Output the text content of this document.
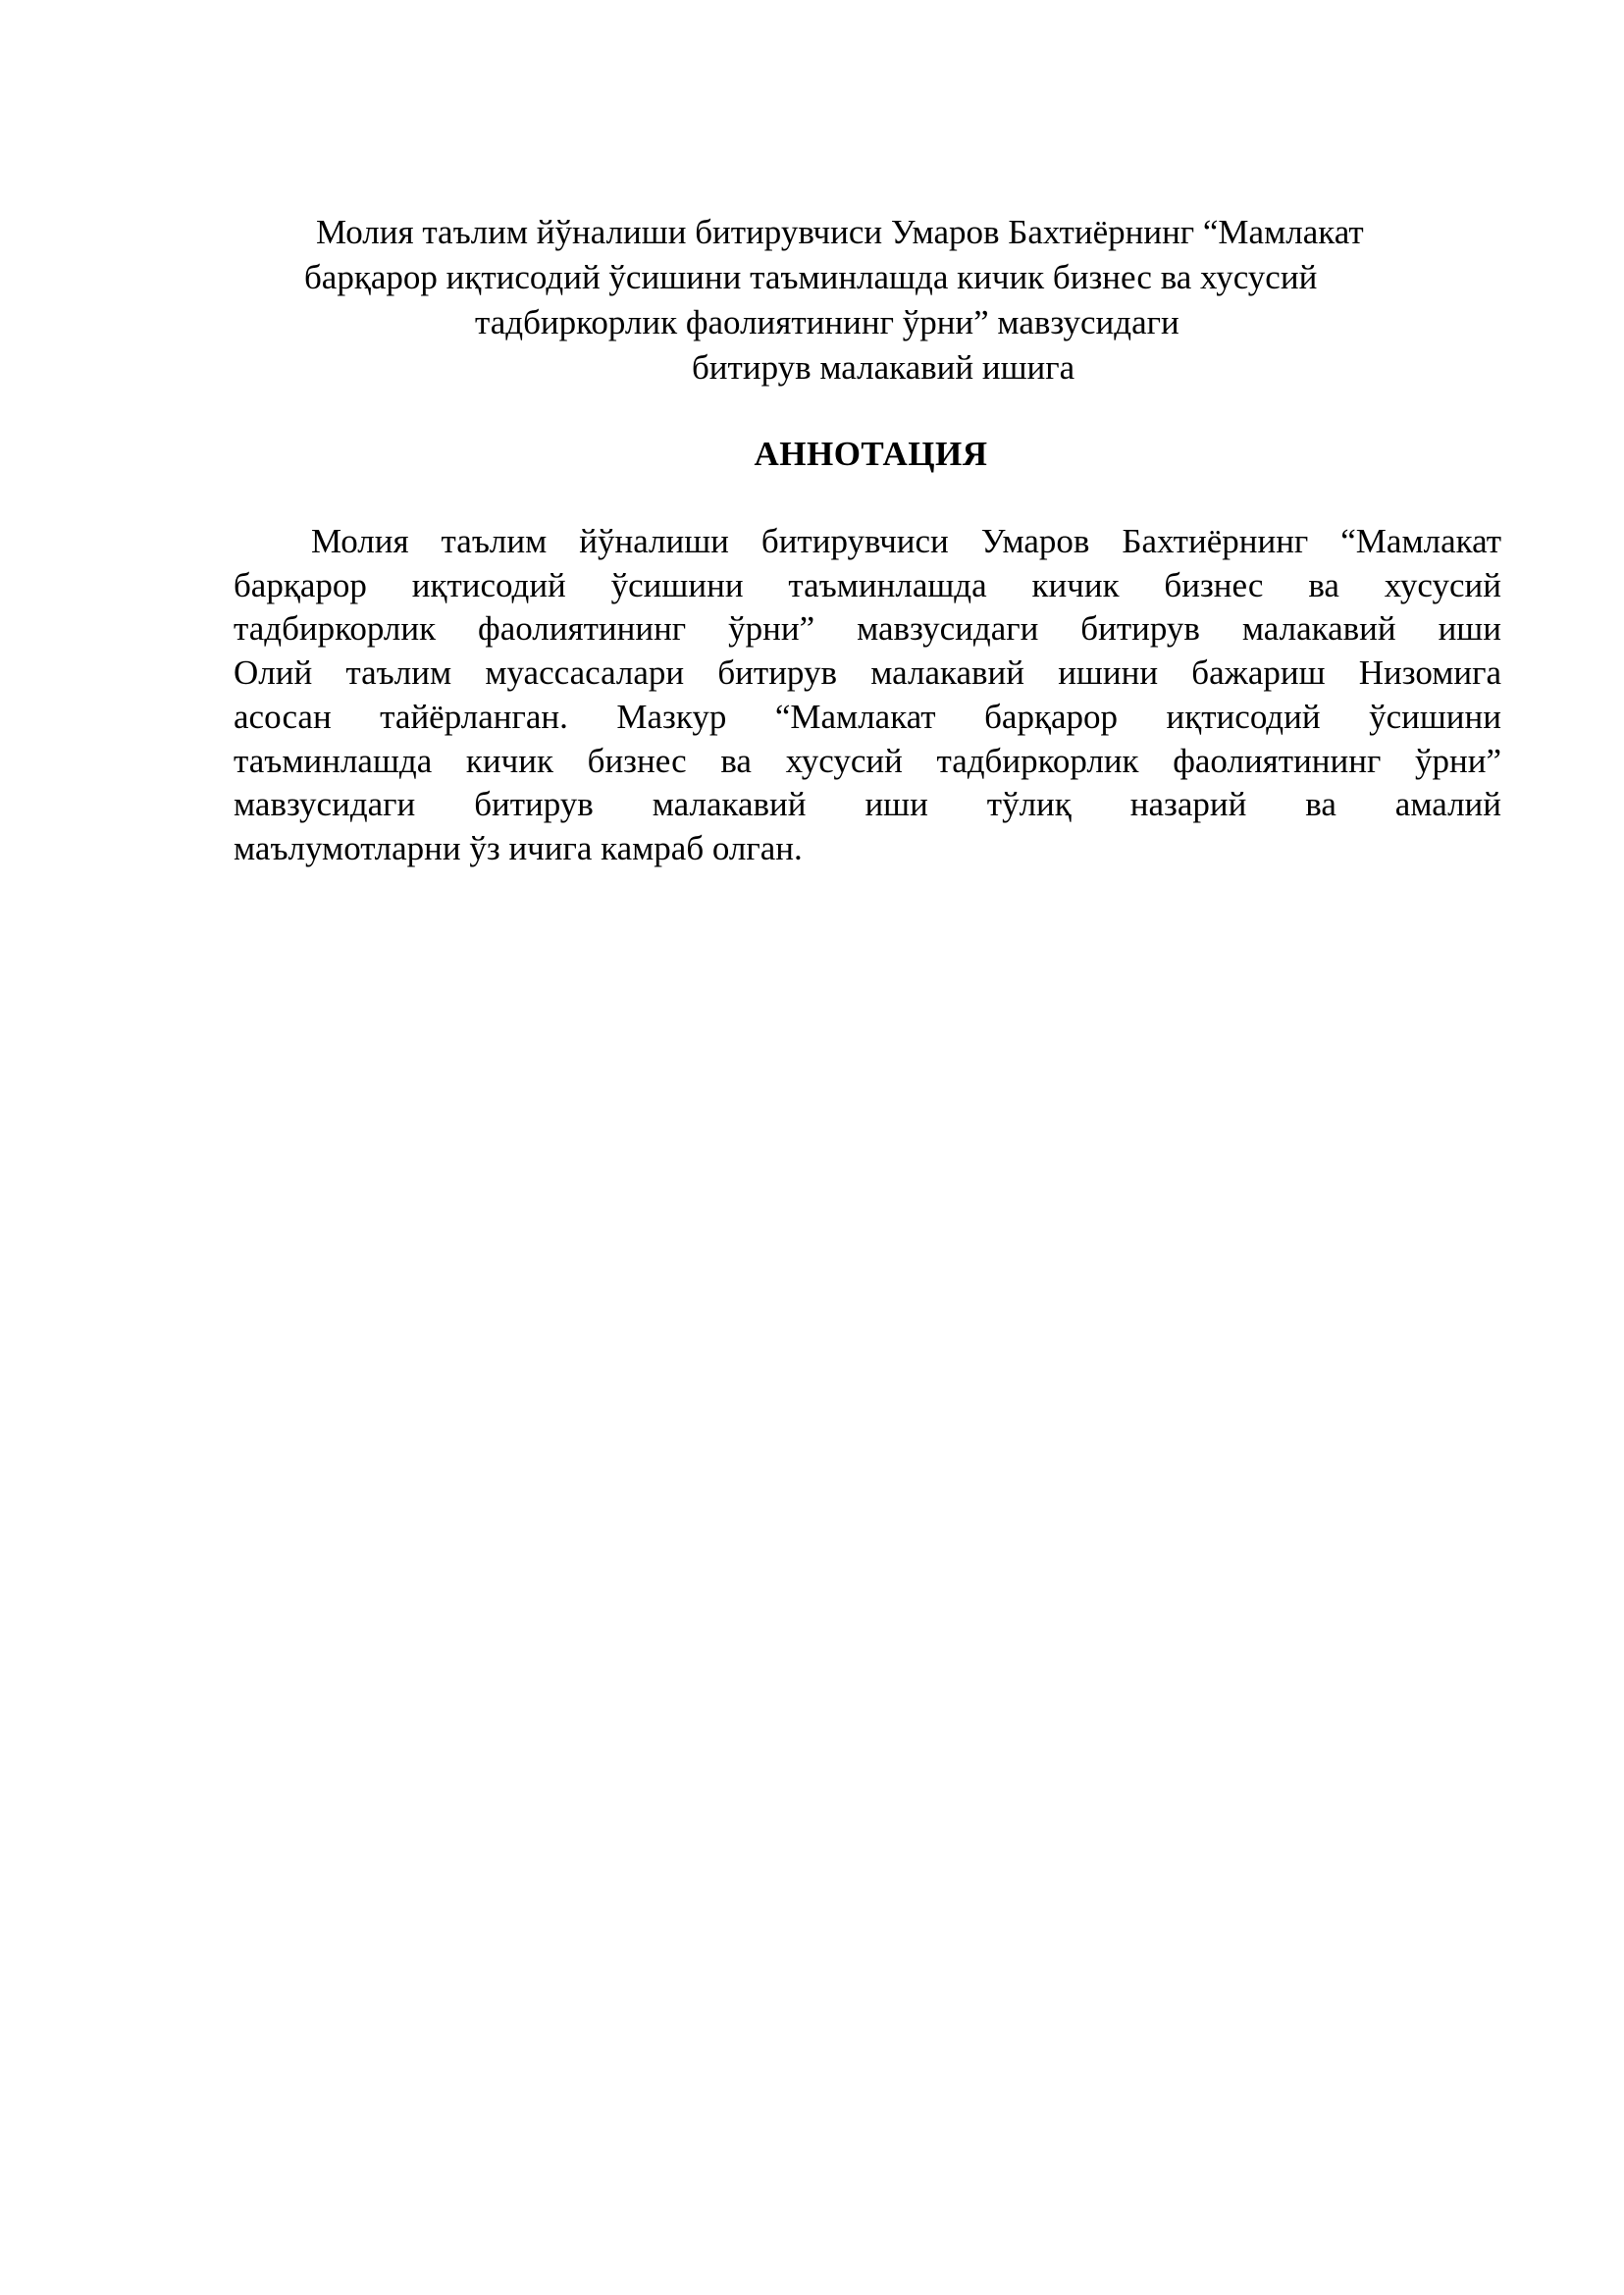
Молия таълим йўналиши битирувчиси Умаров Бахтиёрнинг “Мамлакат
барқарор иқтисодий ўсишини таъминлашда кичик бизнес ва хусусий
тадбиркорлик фаолиятининг ўрни” мавзусидаги
битирув малакавий ишига
АННОТАЦИЯ
Молия таълим йўналиши битирувчиси Умаров Бахтиёрнинг “Мамлакат
барқарор иқтисодий ўсишини таъминлашда кичик бизнес ва хусусий
тадбиркорлик фаолиятининг ўрни” мавзусидаги битирув малакавий иши
Олий таълим муассасалари битирув малакавий ишини бажариш Низомига
асосан тайёрланган. Мазкур “Мамлакат барқарор иқтисодий ўсишини
таъминлашда кичик бизнес ва хусусий тадбиркорлик фаолиятининг ўрни”
мавзусидаги битирув малакавий иши тўлиқ назарий ва амалий
маълумотларни ўз ичига камраб олган.
